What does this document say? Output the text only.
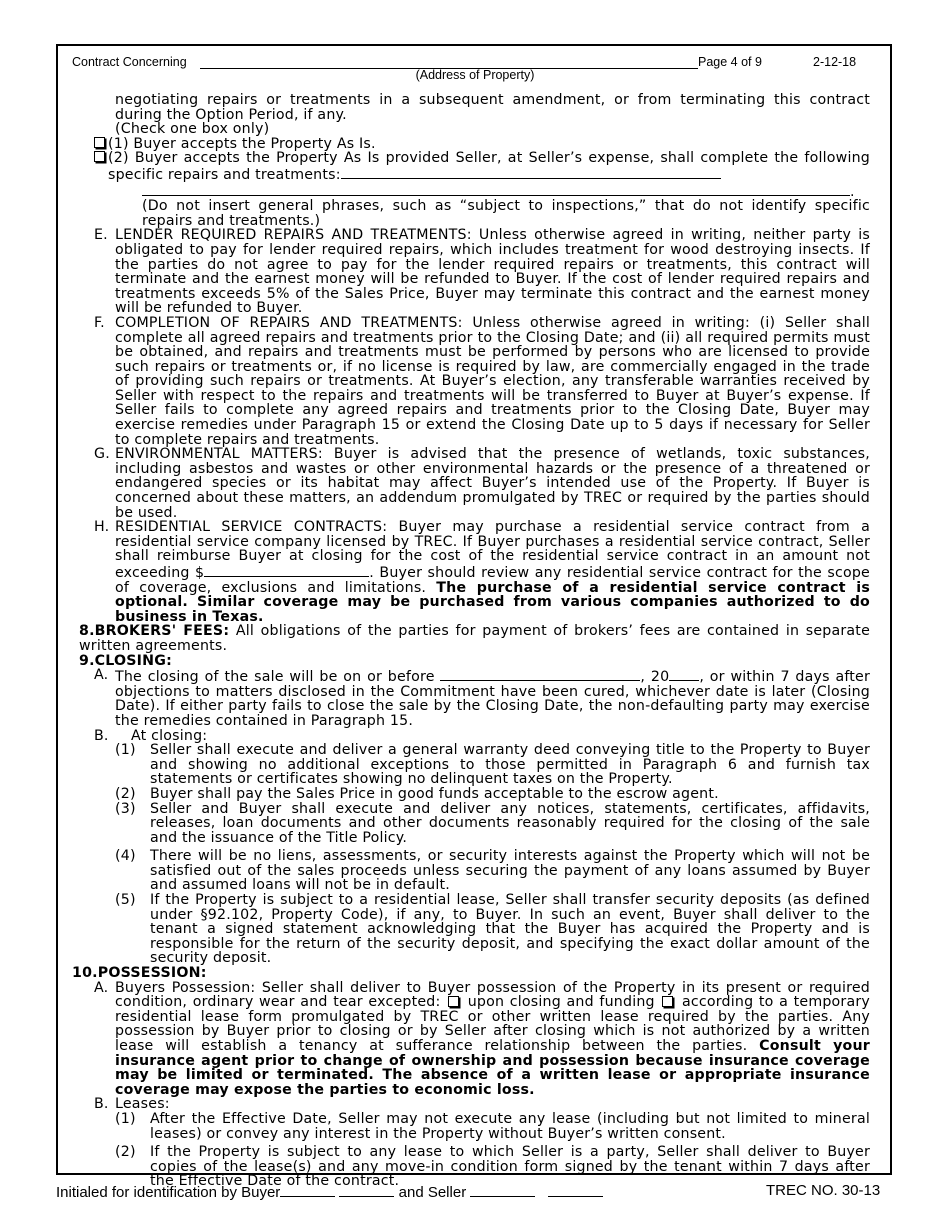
Contract Concerning	Page 4 of 9	2-12-18
(Address of Property)

negotiating repairs or treatments in a subsequent amendment, or from terminating this contract during the Option Period, if any.

(Check one box only)

(1) Buyer accepts the Property As Is.
(2) Buyer accepts the Property As Is provided Seller, at Seller’s expense, shall complete the following specific repairs and treatments:
.

(Do not insert general phrases, such as “subject to inspections,” that do not identify specific repairs and treatments.)

E. LENDER REQUIRED REPAIRS AND TREATMENTS: Unless otherwise agreed in writing, neither party is obligated to pay for lender required repairs, which includes treatment for wood destroying insects. If the parties do not agree to pay for the lender required repairs or treatments, this contract will terminate and the earnest money will be refunded to Buyer. If the cost of lender required repairs and treatments exceeds 5% of the Sales Price, Buyer may terminate this contract and the earnest money will be refunded to Buyer.
F. COMPLETION OF REPAIRS AND TREATMENTS: Unless otherwise agreed in writing: (i) Seller shall complete all agreed repairs and treatments prior to the Closing Date; and (ii) all required permits must be obtained, and repairs and treatments must be performed by persons who are licensed to provide such repairs or treatments or, if no license is required by law, are commercially engaged in the trade of providing such repairs or treatments. At Buyer’s election, any transferable warranties received by Seller with respect to the repairs and treatments will be transferred to Buyer at Buyer’s expense. If Seller fails to complete any agreed repairs and treatments prior to the Closing Date, Buyer may exercise remedies under Paragraph 15 or extend the Closing Date up to 5 days if necessary for Seller to complete repairs and treatments.
G. ENVIRONMENTAL MATTERS: Buyer is advised that the presence of wetlands, toxic substances, including asbestos and wastes or other environmental hazards or the presence of a threatened or endangered species or its habitat may affect Buyer’s intended use of the Property. If Buyer is concerned about these matters, an addendum promulgated by TREC or required by the parties should be used.
H. RESIDENTIAL SERVICE CONTRACTS: Buyer may purchase a residential service contract from a residential service company licensed by TREC. If Buyer purchases a residential service contract, Seller shall reimburse Buyer at closing for the cost of the residential service contract in an amount not exceeding $	. Buyer should review any residential service contract for the scope of coverage, exclusions and limitations. The purchase of a residential service contract is optional. Similar coverage may be purchased from various companies authorized to do business in Texas.

8.BROKERS' FEES: All obligations of the parties for payment of brokers’ fees are contained in separate written agreements.

9.CLOSING:
A. The closing of the sale will be on or before	, 20 , or within 7 days after objections to matters disclosed in the Commitment have been cured, whichever date is later (Closing Date). If either party fails to close the sale by the Closing Date, the non-defaulting party may exercise the remedies contained in Paragraph 15.
B.	At closing:
(1)	Seller shall execute and deliver a general warranty deed conveying title to the Property to Buyer and showing no additional exceptions to those permitted in Paragraph 6 and furnish tax statements or certificates showing no delinquent taxes on the Property.
(2)	Buyer shall pay the Sales Price in good funds acceptable to the escrow agent.
(3)	Seller and Buyer shall execute and deliver any notices, statements, certificates, affidavits, releases, loan documents and other documents reasonably required for the closing of the sale and the issuance of the Title Policy.
(4)	There will be no liens, assessments, or security interests against the Property which will not be satisfied out of the sales proceeds unless securing the payment of any loans assumed by Buyer and assumed loans will not be in default.
(5)	If the Property is subject to a residential lease, Seller shall transfer security deposits (as defined under §92.102, Property Code), if any, to Buyer. In such an event, Buyer shall deliver to the tenant a signed statement acknowledging that the Buyer has acquired the Property and is responsible for the return of the security deposit, and specifying the exact dollar amount of the security deposit.
10.POSSESSION:
A. Buyers Possession: Seller shall deliver to Buyer possession of the Property in its present or required condition, ordinary wear and tear excepted: upon closing and funding according to a temporary residential lease form promulgated by TREC or other written lease required by the parties. Any possession by Buyer prior to closing or by Seller after closing which is not authorized by a written lease will establish a tenancy at sufferance relationship between the parties. Consult your insurance agent prior to change of ownership and possession because insurance coverage may be limited or terminated. The absence of a written lease or appropriate insurance coverage may expose the parties to economic loss.
B. Leases:
(1)	After the Effective Date, Seller may not execute any lease (including but not limited to mineral leases) or convey any interest in the Property without Buyer’s written consent.
(2)	If the Property is subject to any lease to which Seller is a party, Seller shall deliver to Buyer copies of the lease(s) and any move-in condition form signed by the tenant within 7 days after the Effective Date of the contract.
Initialed for identification by Buyer	and Seller	TREC NO. 30-13
